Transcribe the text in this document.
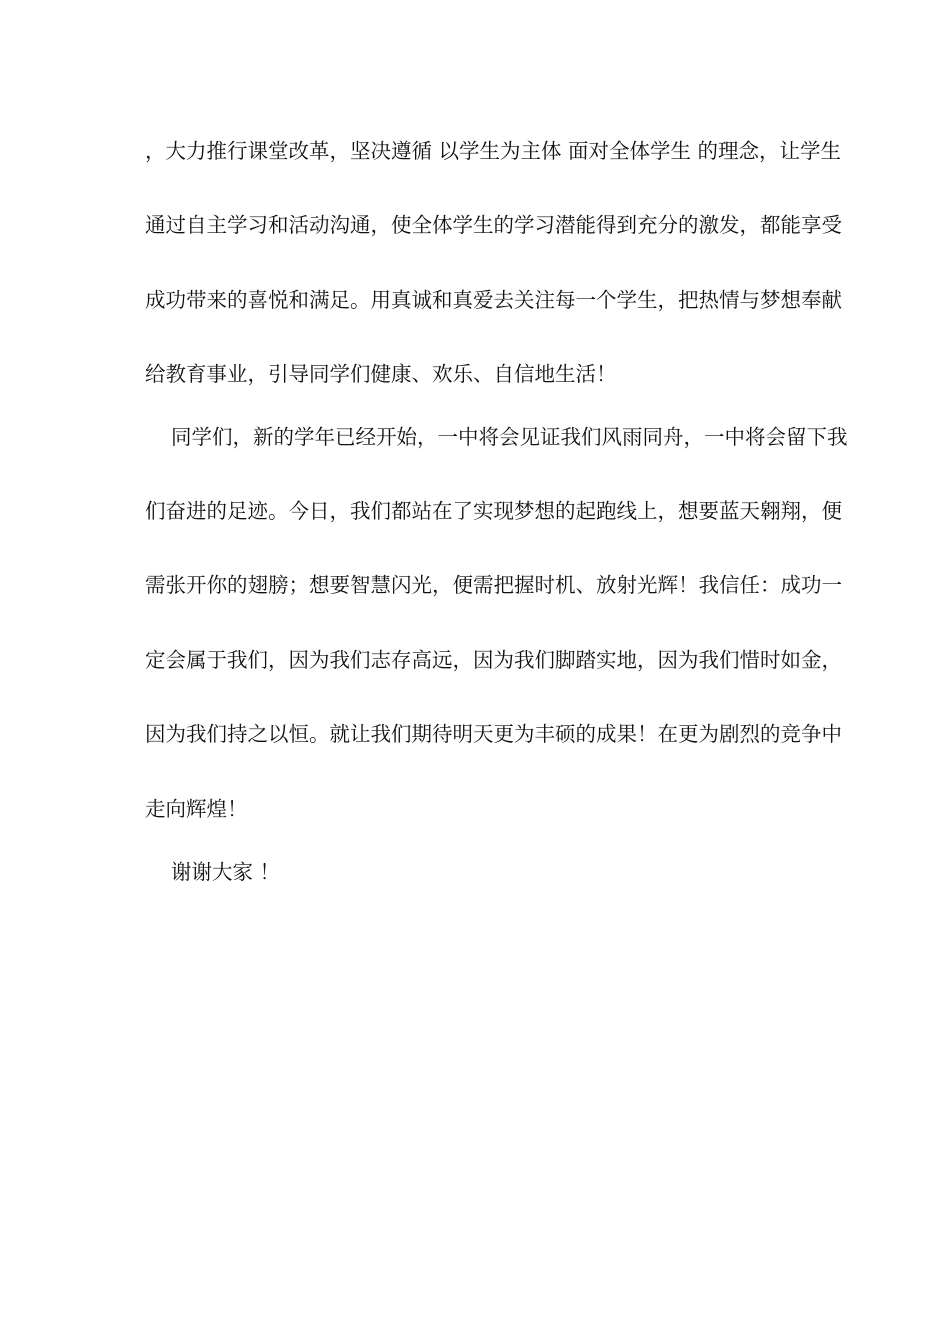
，大力推行课堂改革，坚决遵循 以学生为主体 面对全体学生 的理念，让学生
通过自主学习和活动沟通，使全体学生的学习潜能得到充分的激发，都能享受
成功带来的喜悦和满足。用真诚和真爱去关注每一个学生，把热情与梦想奉献
给教育事业，引导同学们健康、欢乐、自信地生活！
同学们，新的学年已经开始，一中将会见证我们风雨同舟，一中将会留下我
们奋进的足迹。今日，我们都站在了实现梦想的起跑线上，想要蓝天翱翔，便
需张开你的翅膀；想要智慧闪光，便需把握时机、放射光辉！我信任：成功一
定会属于我们，因为我们志存高远，因为我们脚踏实地，因为我们惜时如金，
因为我们持之以恒。就让我们期待明天更为丰硕的成果！在更为剧烈的竞争中
走向辉煌！
谢谢大家 ！
